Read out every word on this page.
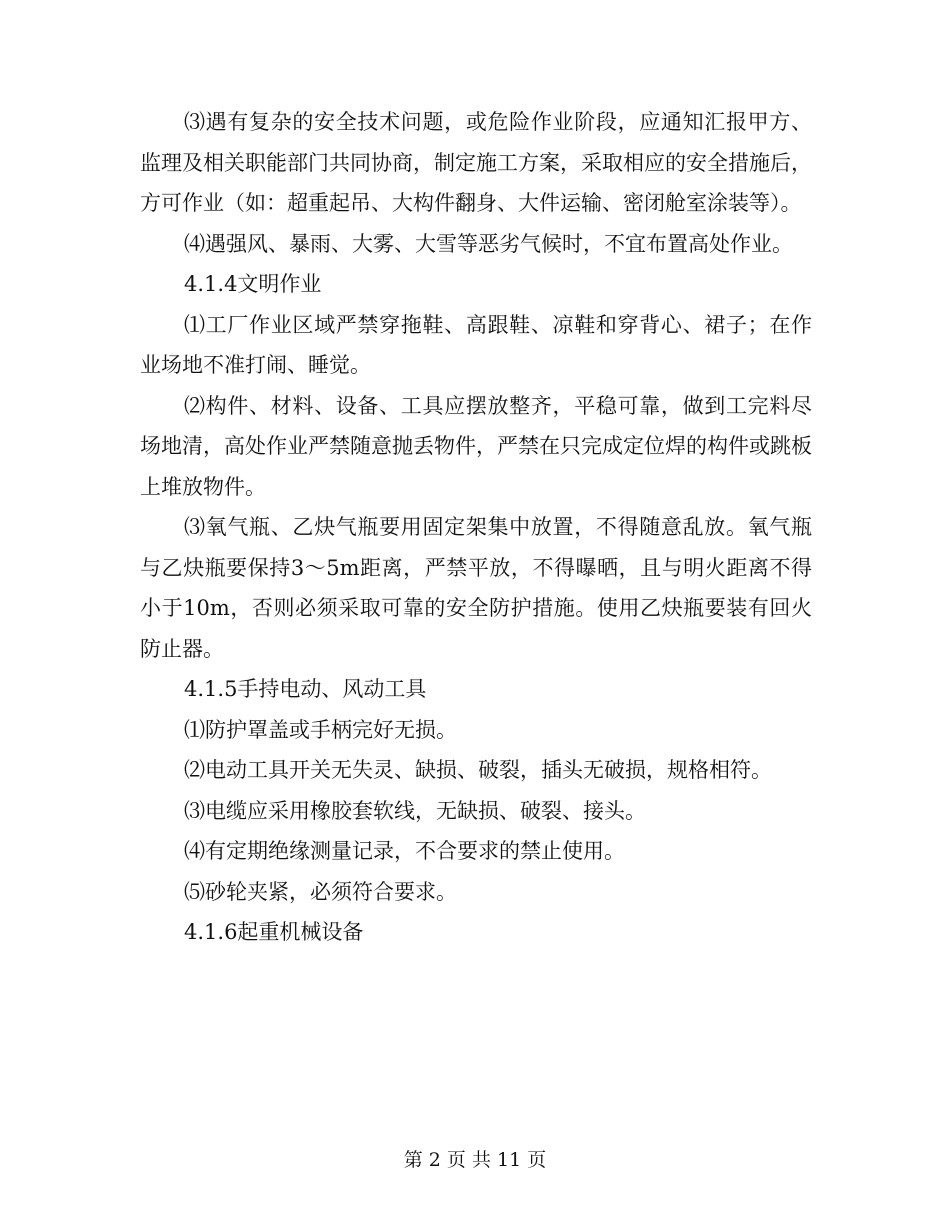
⑶遇有复杂的安全技术问题，或危险作业阶段，应通知汇报甲方、监理及相关职能部门共同协商，制定施工方案，采取相应的安全措施后，方可作业（如：超重起吊、大构件翻身、大件运输、密闭舱室涂装等）。

⑷遇强风、暴雨、大雾、大雪等恶劣气候时，不宜布置高处作业。

4.1.4文明作业

⑴工厂作业区域严禁穿拖鞋、高跟鞋、凉鞋和穿背心、裙子；在作业场地不准打闹、睡觉。

⑵构件、材料、设备、工具应摆放整齐，平稳可靠，做到工完料尽场地清，高处作业严禁随意抛丢物件，严禁在只完成定位焊的构件或跳板上堆放物件。

⑶氧气瓶、乙炔气瓶要用固定架集中放置，不得随意乱放。氧气瓶与乙炔瓶要保持3～5m距离，严禁平放，不得曝晒，且与明火距离不得小于10m，否则必须采取可靠的安全防护措施。使用乙炔瓶要装有回火防止器。

4.1.5手持电动、风动工具

⑴防护罩盖或手柄完好无损。

⑵电动工具开关无失灵、缺损、破裂，插头无破损，规格相符。

⑶电缆应采用橡胶套软线，无缺损、破裂、接头。

⑷有定期绝缘测量记录，不合要求的禁止使用。

⑸砂轮夹紧，必须符合要求。

4.1.6起重机械设备

第 2 页 共 11 页
